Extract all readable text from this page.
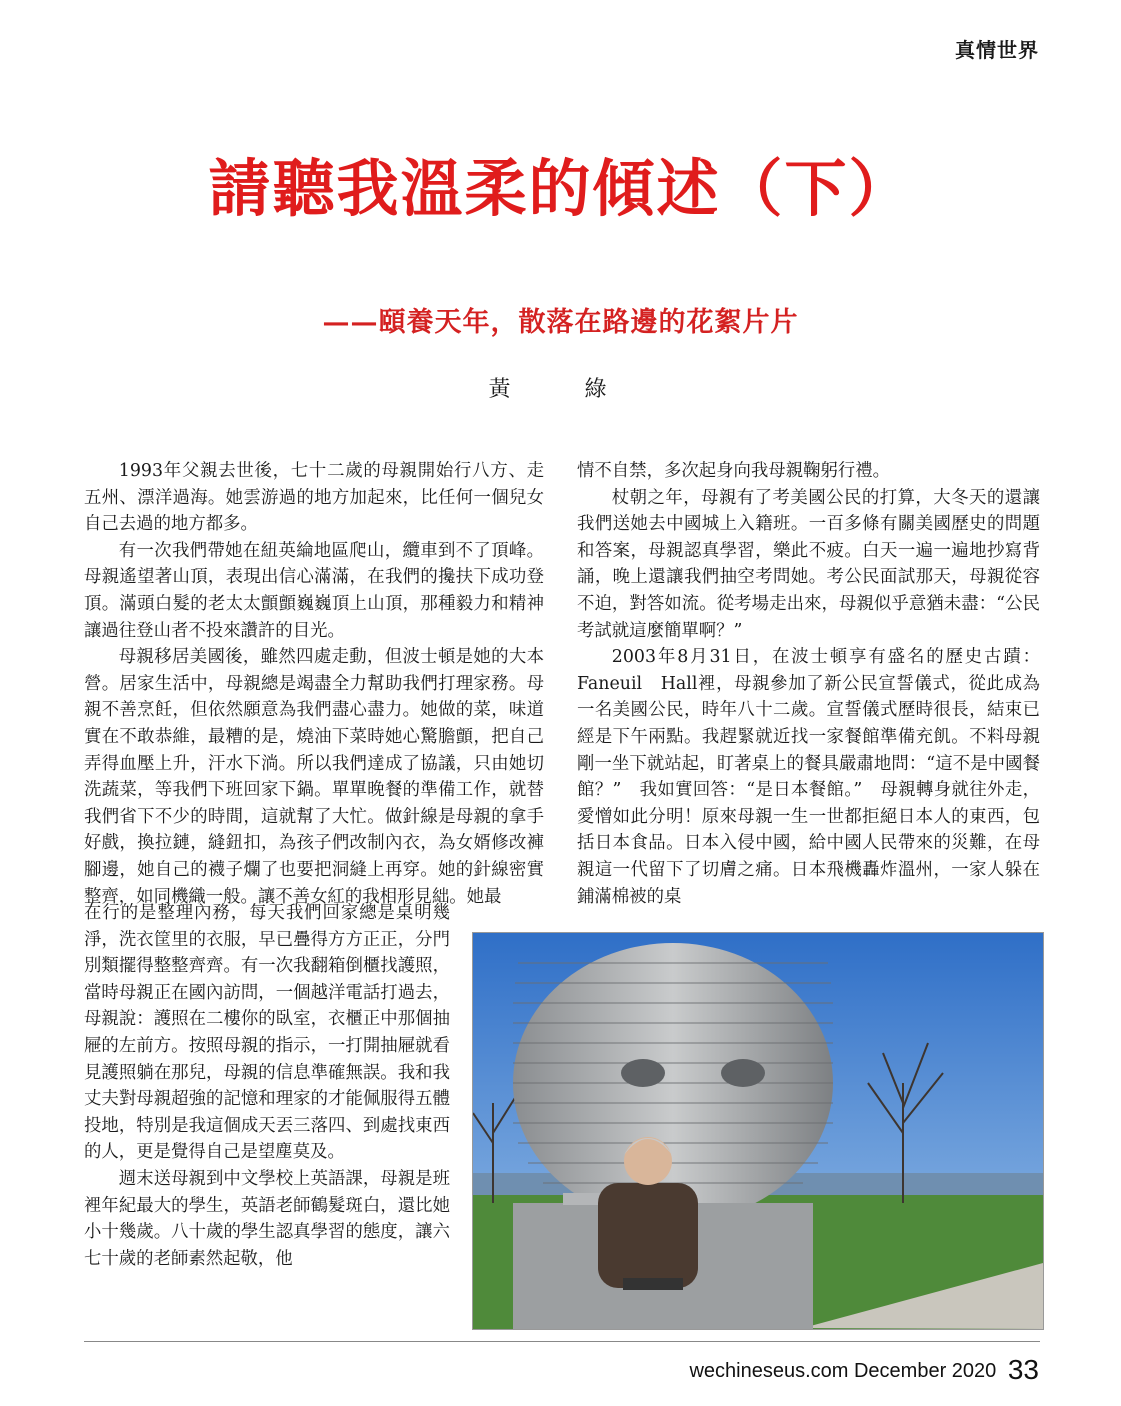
真情世界
請聽我溫柔的傾述（下）
——頤養天年，散落在路邊的花絮片片
黃　綠

1993年父親去世後，七十二歲的母親開始行八方、走五州、漂洋過海。她雲游過的地方加起來，比任何一個兒女自己去過的地方都多。

有一次我們帶她在紐英綸地區爬山，纜車到不了頂峰。母親遙望著山頂，表現出信心滿滿，在我們的攙扶下成功登頂。滿頭白髮的老太太顫顫巍巍頂上山頂，那種毅力和精神讓過往登山者不投來讚許的目光。

母親移居美國後，雖然四處走動，但波士頓是她的大本營。居家生活中，母親總是竭盡全力幫助我們打理家務。母親不善烹飪，但依然願意為我們盡心盡力。她做的菜，味道實在不敢恭維，最糟的是，燒油下菜時她心驚膽顫，把自己弄得血壓上升，汗水下淌。所以我們達成了協議，只由她切洗蔬菜，等我們下班回家下鍋。單單晚餐的準備工作，就替我們省下不少的時間，這就幫了大忙。做針線是母親的拿手好戲，換拉鏈，縫鈕扣，為孩子們改制內衣，為女婿修改褲腳邊，她自己的襪子爛了也要把洞縫上再穿。她的針線密實整齊，如同機織一般。讓不善女紅的我相形見絀。她最

在行的是整理內務，每天我們回家總是桌明幾淨，洗衣筐里的衣服，早已疊得方方正正，分門別類擺得整整齊齊。有一次我翻箱倒櫃找護照，當時母親正在國內訪問，一個越洋電話打過去，母親說：護照在二樓你的臥室，衣櫃正中那個抽屜的左前方。按照母親的指示，一打開抽屜就看見護照躺在那兒，母親的信息準確無誤。我和我丈夫對母親超強的記憶和理家的才能佩服得五體投地，特別是我這個成天丟三落四、到處找東西的人，更是覺得自己是望塵莫及。

週末送母親到中文學校上英語課，母親是班裡年紀最大的學生，英語老師鶴髮斑白，還比她小十幾歲。八十歲的學生認真學習的態度，讓六七十歲的老師素然起敬，他

情不自禁，多次起身向我母親鞠躬行禮。

杖朝之年，母親有了考美國公民的打算，大冬天的還讓我們送她去中國城上入籍班。一百多條有關美國歷史的問題和答案，母親認真學習，樂此不疲。白天一遍一遍地抄寫背誦，晚上還讓我們抽空考問她。考公民面試那天，母親從容不迫，對答如流。從考場走出來，母親似乎意猶未盡：“公民考試就這麼簡單啊？”

2003年8月31日，在波士頓享有盛名的歷史古蹟：Faneuil　Hall裡，母親參加了新公民宣誓儀式，從此成為一名美國公民，時年八十二歲。宣誓儀式歷時很長，結束已經是下午兩點。我趕緊就近找一家餐館準備充飢。不料母親剛一坐下就站起，盯著桌上的餐具嚴肅地問：“這不是中國餐館？”　我如實回答：“是日本餐館。”　母親轉身就往外走，愛憎如此分明！原來母親一生一世都拒絕日本人的東西，包括日本食品。日本入侵中國，給中國人民帶來的災難，在母親這一代留下了切膚之痛。日本飛機轟炸溫州，一家人躲在鋪滿棉被的桌

wechineseus.com December 2020 33
